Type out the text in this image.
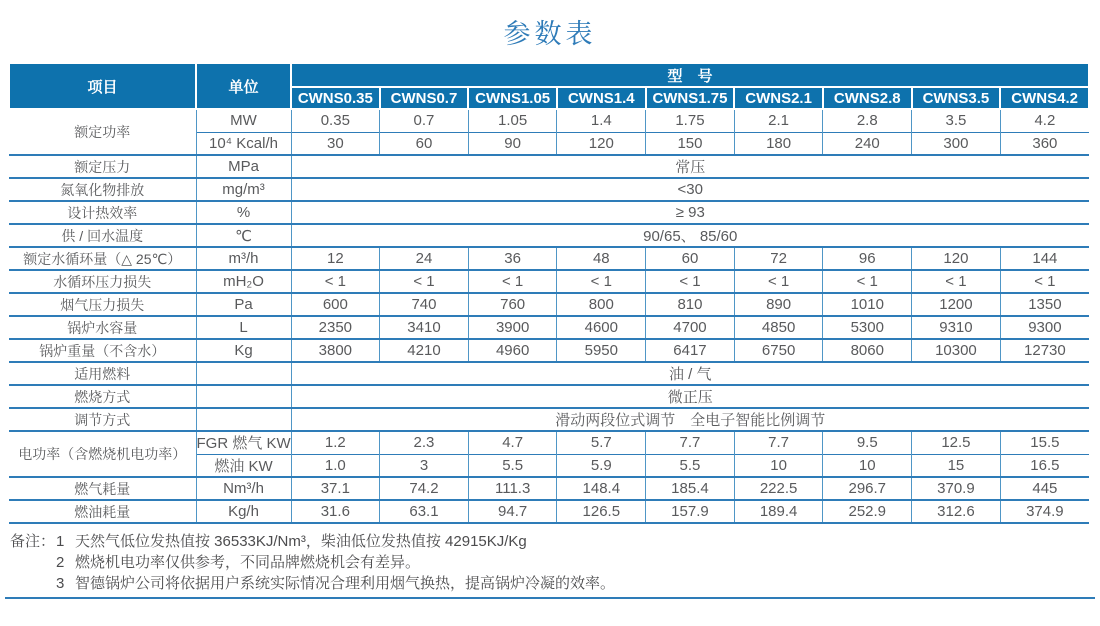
参数表
项目	单位	型　号								
		CWNS0.35	CWNS0.7	CWNS1.05	CWNS1.4	CWNS1.75	CWNS2.1	CWNS2.8	CWNS3.5	CWNS4.2
额定功率	MW	0.35	0.7	1.05	1.4	1.75	2.1	2.8	3.5	4.2
	10⁴ Kcal/h	30	60	90	120	150	180	240	300	360
额定压力	MPa	常压								
氮氧化物排放	mg/m³	<30								
设计热效率	%	≥ 93								
供 / 回水温度	℃	90/65、 85/60								
额定水循环量（△ 25℃）	m³/h	12	24	36	48	60	72	96	120	144
水循环压力损失	mH₂O	< 1	< 1	< 1	< 1	< 1	< 1	< 1	< 1	< 1
烟气压力损失	Pa	600	740	760	800	810	890	1010	1200	1350
锅炉水容量	L	2350	3410	3900	4600	4700	4850	5300	9310	9300
锅炉重量（不含水）	Kg	3800	4210	4960	5950	6417	6750	8060	10300	12730
适用燃料		油 / 气								
燃烧方式		微正压								
调节方式		滑动两段位式调节　全电子智能比例调节								
电功率（含燃烧机电功率）	FGR 燃气 KW	1.2	2.3	4.7	5.7	7.7	7.7	9.5	12.5	15.5
	燃油 KW	1.0	3	5.5	5.9	5.5	10	10	15	16.5
燃气耗量	Nm³/h	37.1	74.2	111.3	148.4	185.4	222.5	296.7	370.9	445
燃油耗量	Kg/h	31.6	63.1	94.7	126.5	157.9	189.4	252.9	312.6	374.9
备注： 1 天然气低位发热值按 36533KJ/Nm³，柴油低位发热值按 42915KJ/Kg
2 燃烧机电功率仅供参考，不同品牌燃烧机会有差异。
3 智德锅炉公司将依据用户系统实际情况合理利用烟气换热，提高锅炉冷凝的效率。
